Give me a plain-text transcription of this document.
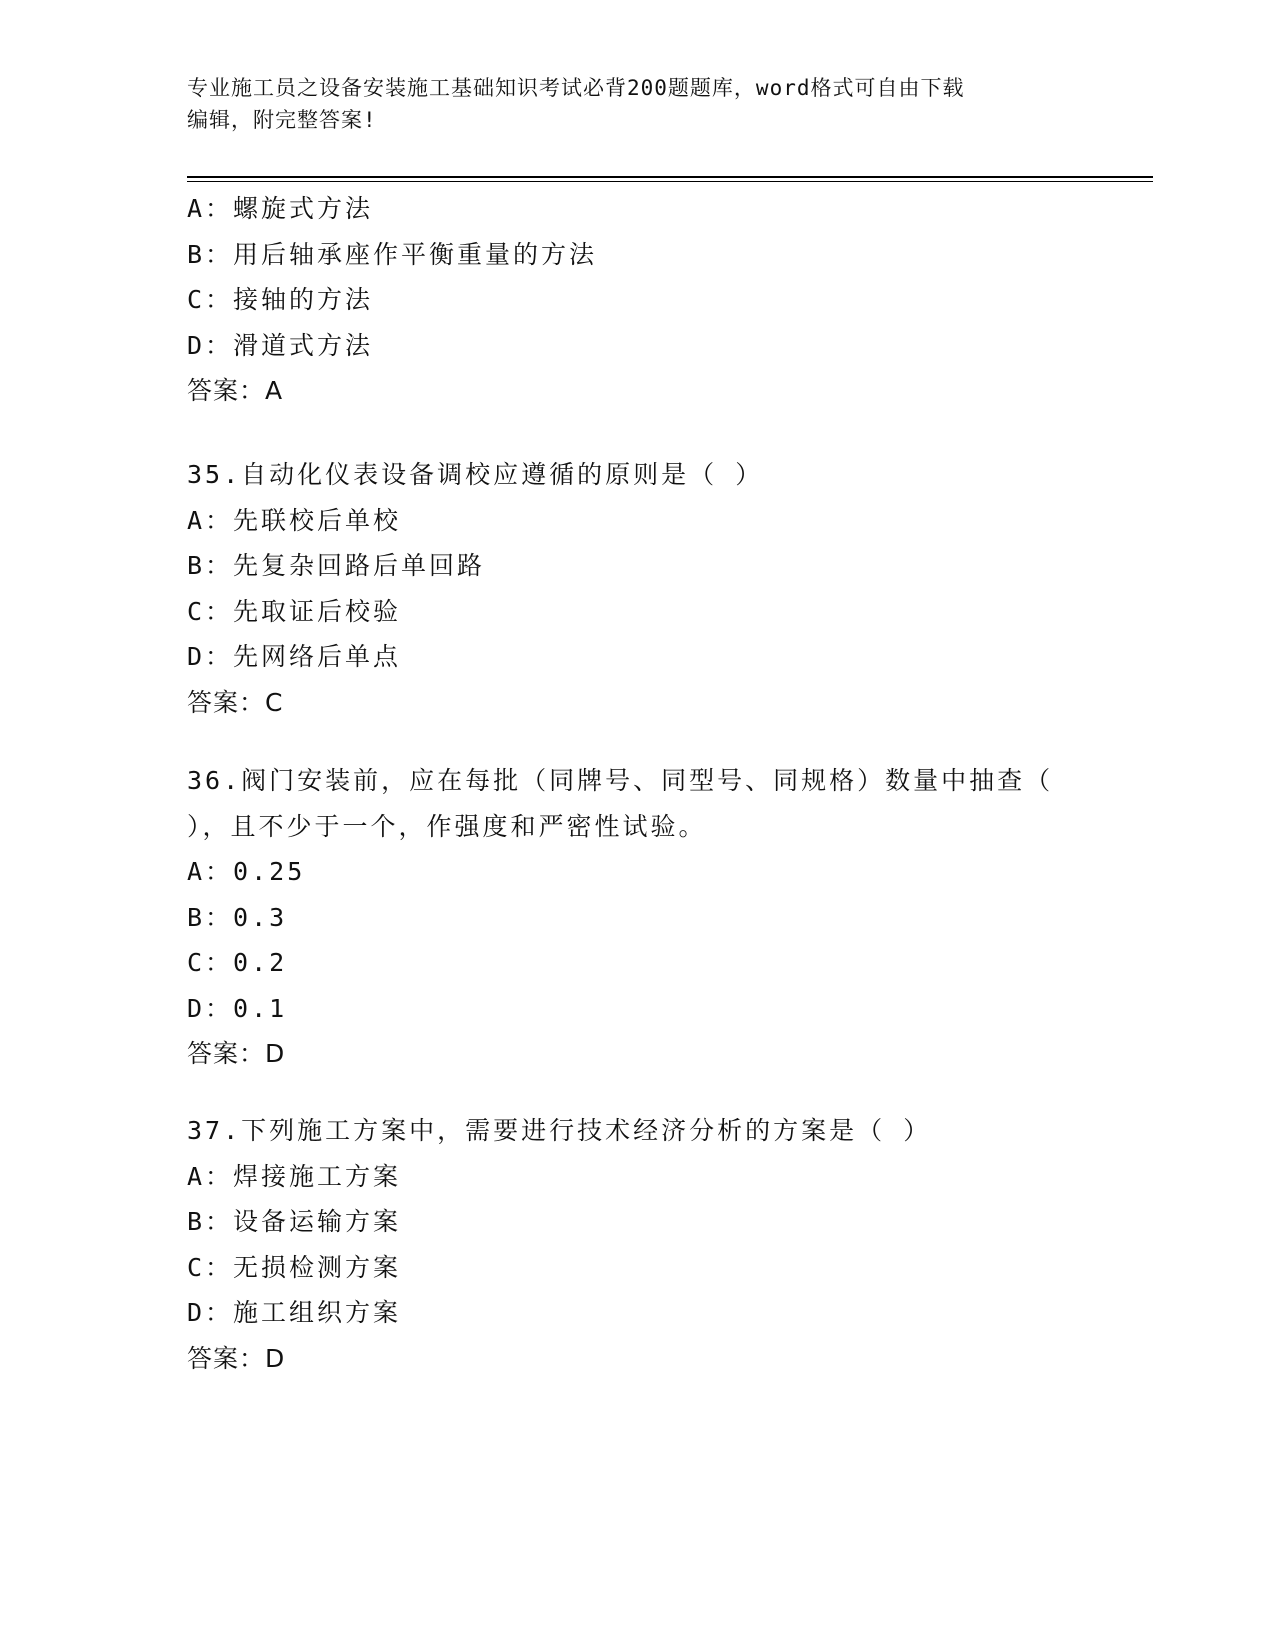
专业施工员之设备安装施工基础知识考试必背200题题库，word格式可自由下载
编辑，附完整答案!
A：螺旋式方法
B：用后轴承座作平衡重量的方法
C：接轴的方法
D：滑道式方法
答案：A
35.自动化仪表设备调校应遵循的原则是（ ）
A：先联校后单校
B：先复杂回路后单回路
C：先取证后校验
D：先网络后单点
答案：C
36.阀门安装前，应在每批（同牌号、同型号、同规格）数量中抽查（
），且不少于一个，作强度和严密性试验。
A：0.25
B：0.3
C：0.2
D：0.1
答案：D
37.下列施工方案中，需要进行技术经济分析的方案是（ ）
A：焊接施工方案
B：设备运输方案
C：无损检测方案
D：施工组织方案
答案：D
